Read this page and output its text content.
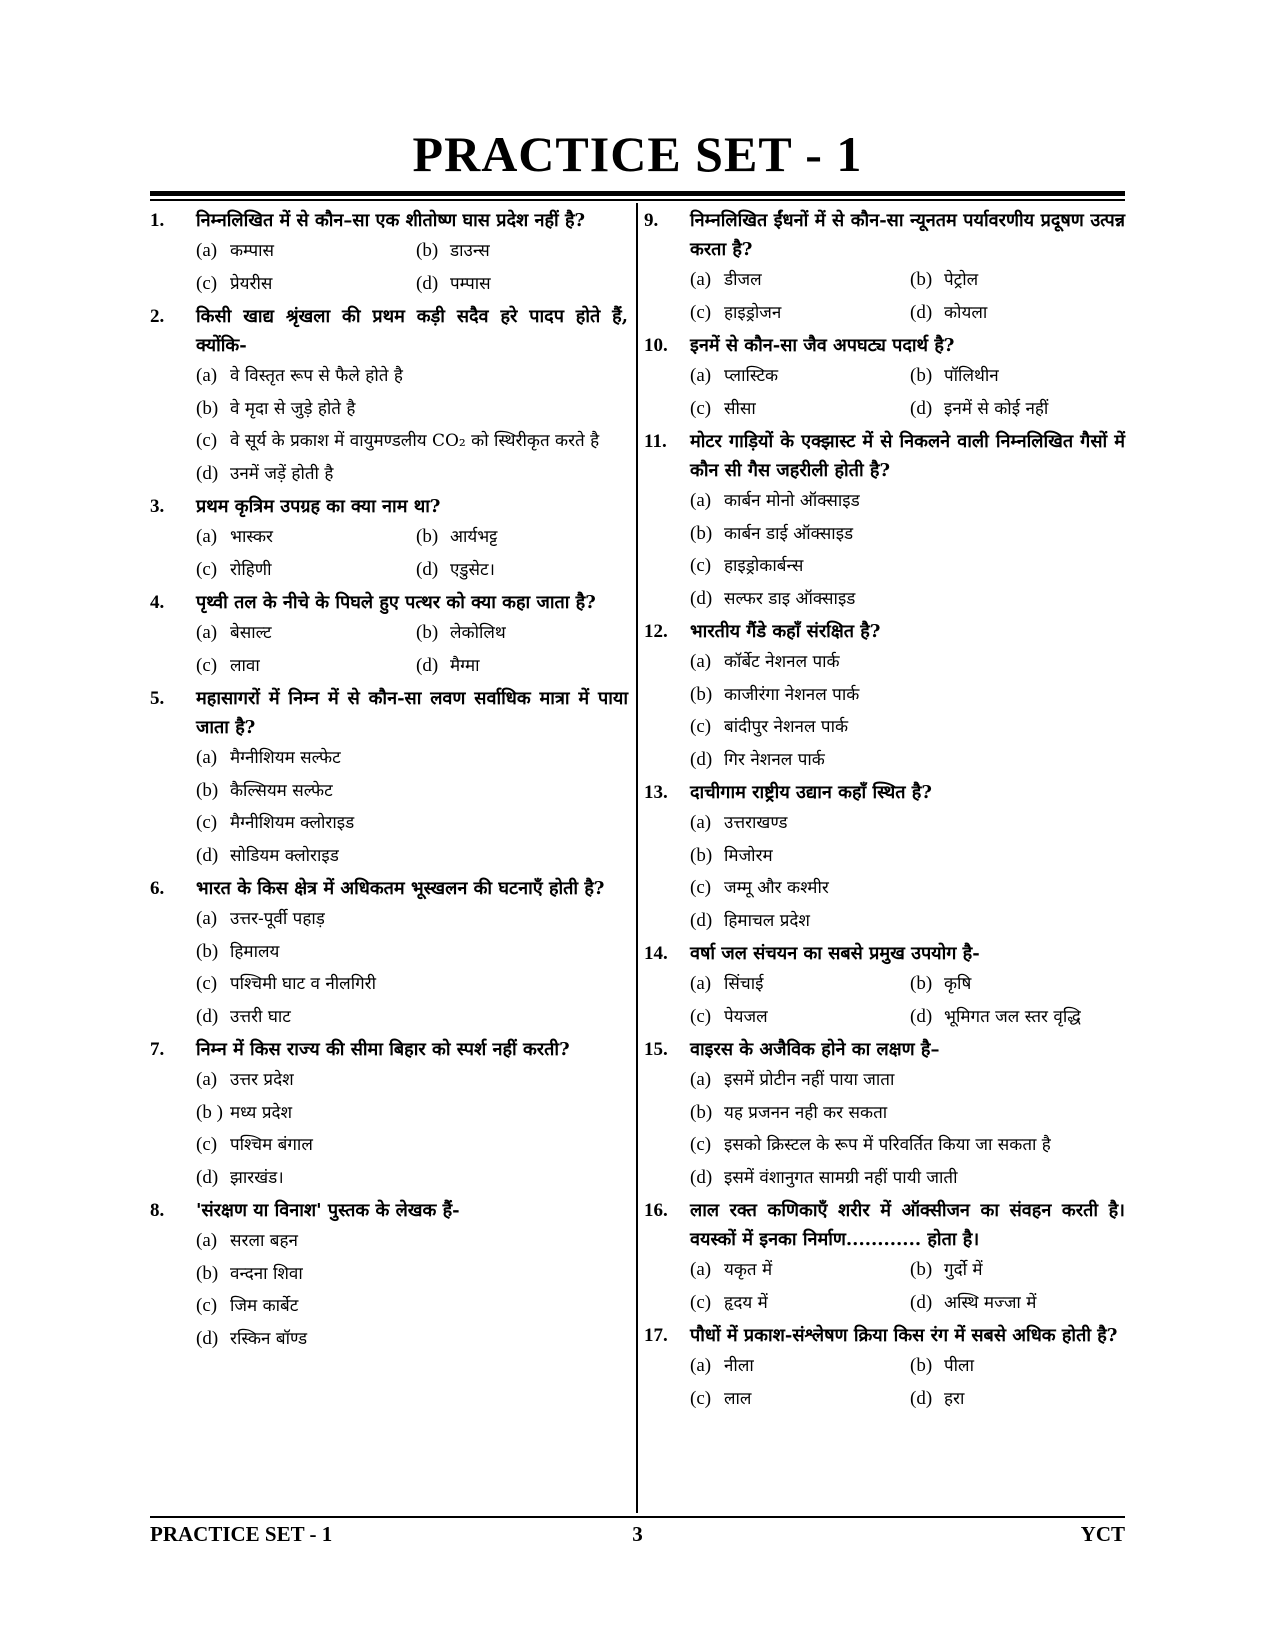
PRACTICE SET - 1
1.	निम्नलिखित में से कौन–सा एक शीतोष्ण घास प्रदेश नहीं है?
(a) कम्पास	(b) डाउन्स
(c) प्रेयरीस	(d) पम्पास
2.	किसी खाद्य श्रृंखला की प्रथम कड़ी सदैव हरे पादप होते हैं, क्योंकि-
(a) वे विस्तृत रूप से फैले होते है
(b) वे मृदा से जुड़े होते है
(c) वे सूर्य के प्रकाश में वायुमण्डलीय CO₂ को स्थिरीकृत करते है
(d) उनमें जड़ें होती है
3.	प्रथम कृत्रिम उपग्रह का क्या नाम था?
(a) भास्कर	(b) आर्यभट्ट
(c) रोहिणी	(d) एडुसेट।
4.	पृथ्वी तल के नीचे के पिघले हुए पत्थर को क्या कहा जाता है?
(a) बेसाल्ट	(b) लेकोलिथ
(c) लावा	(d) मैग्मा
5.	महासागरों में निम्न में से कौन-सा लवण सर्वाधिक मात्रा में पाया जाता है?
(a) मैग्नीशियम सल्फेट
(b) कैल्सियम सल्फेट
(c) मैग्नीशियम क्लोराइड
(d) सोडियम क्लोराइड
6.	भारत के किस क्षेत्र में अधिकतम भूस्खलन की घटनाएँ होती है?
(a) उत्तर-पूर्वी पहाड़
(b) हिमालय
(c) पश्चिमी घाट व नीलगिरी
(d) उत्तरी घाट
7.	निम्न में किस राज्य की सीमा बिहार को स्पर्श नहीं करती?
(a) उत्तर प्रदेश
(b ) मध्य प्रदेश
(c) पश्चिम बंगाल
(d) झारखंड।
8.	'संरक्षण या विनाश' पुस्तक के लेखक हैं-
(a) सरला बहन
(b) वन्दना शिवा
(c) जिम कार्बेट
(d) रस्किन बॉण्ड
9.	निम्नलिखित ईंधनों में से कौन-सा न्यूनतम पर्यावरणीय प्रदूषण उत्पन्न करता है?
(a) डीजल	(b) पेट्रोल
(c) हाइड्रोजन	(d) कोयला
10.	इनमें से कौन-सा जैव अपघट्य पदार्थ है?
(a) प्लास्टिक	(b) पॉलिथीन
(c) सीसा	(d) इनमें से कोई नहीं
11.	मोटर गाड़ियों के एक्झास्ट में से निकलने वाली निम्नलिखित गैसों में कौन सी गैस जहरीली होती है?
(a) कार्बन मोनो ऑक्साइड
(b) कार्बन डाई ऑक्साइड
(c) हाइड्रोकार्बन्स
(d) सल्फर डाइ ऑक्साइड
12.	भारतीय गैंडे कहाँ संरक्षित है?
(a) कॉर्बेट नेशनल पार्क
(b) काजीरंगा नेशनल पार्क
(c) बांदीपुर नेशनल पार्क
(d) गिर नेशनल पार्क
13.	दाचीगाम राष्ट्रीय उद्यान कहाँ स्थित है?
(a) उत्तराखण्ड
(b) मिजोरम
(c) जम्मू और कश्मीर
(d) हिमाचल प्रदेश
14.	वर्षा जल संचयन का सबसे प्रमुख उपयोग है-
(a) सिंचाई	(b) कृषि
(c) पेयजल	(d) भूमिगत जल स्तर वृद्धि
15.	वाइरस के अजैविक होने का लक्षण है–
(a) इसमें प्रोटीन नहीं पाया जाता
(b) यह प्रजनन नही कर सकता
(c) इसको क्रिस्टल के रूप में परिवर्तित किया जा सकता है
(d) इसमें वंशानुगत सामग्री नहीं पायी जाती
16.	लाल रक्त कणिकाएँ शरीर में ऑक्सीजन का संवहन करती है। वयस्कों में इनका निर्माण............ होता है।
(a) यकृत में	(b) गुर्दो में
(c) हृदय में	(d) अस्थि मज्जा में
17.	पौधों में प्रकाश-संश्लेषण क्रिया किस रंग में सबसे अधिक होती है?
(a) नीला	(b) पीला
(c) लाल	(d) हरा
PRACTICE SET - 1	3	YCT
